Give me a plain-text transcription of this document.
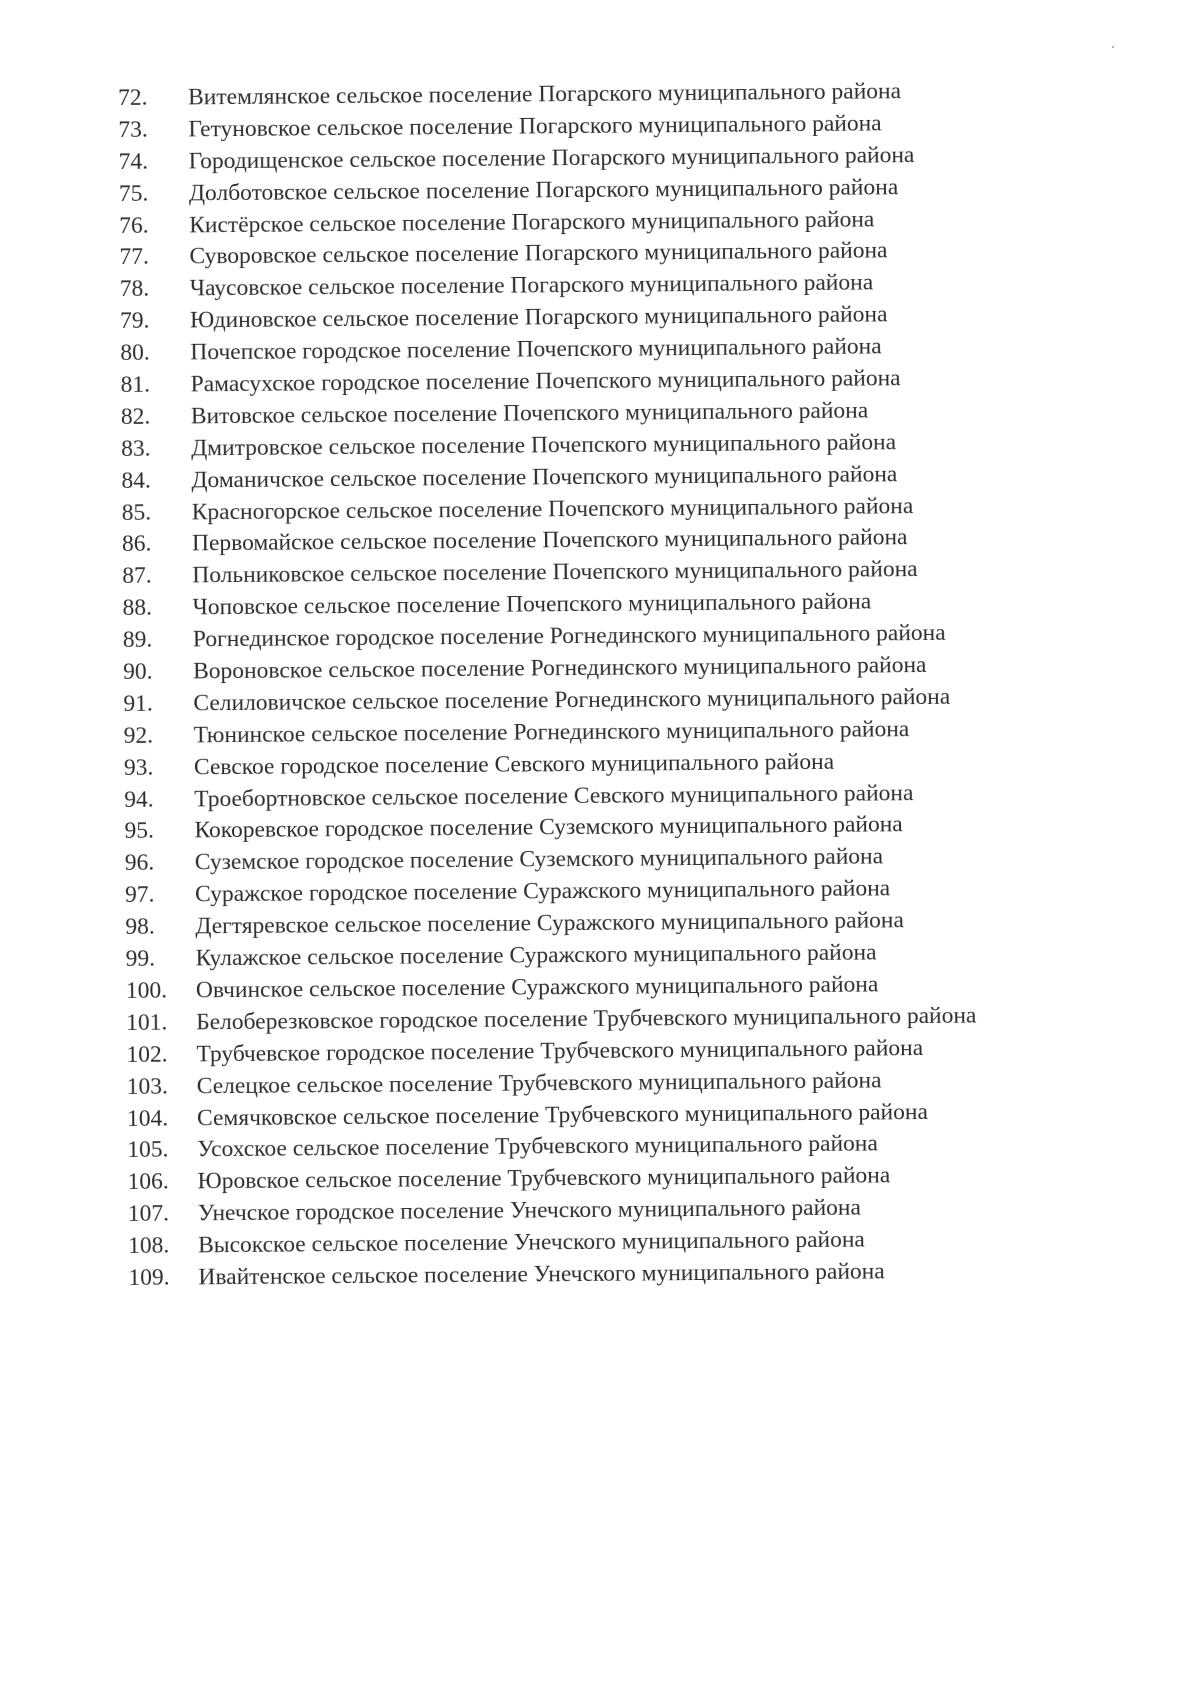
72.	Витемлянское сельское поселение Погарского муниципального района
73.	Гетуновское сельское поселение Погарского муниципального района
74.	Городищенское сельское поселение Погарского муниципального района
75.	Долботовское сельское поселение Погарского муниципального района
76.	Кистёрское сельское поселение Погарского муниципального района
77.	Суворовское сельское поселение Погарского муниципального района
78.	Чаусовское сельское поселение Погарского муниципального района
79.	Юдиновское сельское поселение Погарского муниципального района
80.	Почепское городское поселение Почепского муниципального района
81.	Рамасухское городское поселение Почепского муниципального района
82.	Витовское сельское поселение Почепского муниципального района
83.	Дмитровское сельское поселение Почепского муниципального района
84.	Доманичское сельское поселение Почепского муниципального района
85.	Красногорское сельское поселение Почепского муниципального района
86.	Первомайское сельское поселение Почепского муниципального района
87.	Польниковское сельское поселение Почепского муниципального района
88.	Чоповское сельское поселение Почепского муниципального района
89.	Рогнединское городское поселение Рогнединского муниципального района
90.	Вороновское сельское поселение Рогнединского муниципального района
91.	Селиловичское сельское поселение Рогнединского муниципального района
92.	Тюнинское сельское поселение Рогнединского муниципального района
93.	Севское городское поселение Севского муниципального района
94.	Троебортновское сельское поселение Севского муниципального района
95.	Кокоревское городское поселение Суземского муниципального района
96.	Суземское городское поселение Суземского муниципального района
97.	Суражское городское поселение Суражского муниципального района
98.	Дегтяревское сельское поселение Суражского муниципального района
99.	Кулажское сельское поселение Суражского муниципального района
100.	Овчинское сельское поселение Суражского муниципального района
101.	Белоберезковское городское поселение Трубчевского муниципального района
102.	Трубчевское городское поселение Трубчевского муниципального района
103.	Селецкое сельское поселение Трубчевского муниципального района
104.	Семячковское сельское поселение Трубчевского муниципального района
105.	Усохское сельское поселение Трубчевского муниципального района
106.	Юровское сельское поселение Трубчевского муниципального района
107.	Унечское городское поселение Унечского муниципального района
108.	Высокское сельское поселение Унечского муниципального района
109.	Ивайтенское сельское поселение Унечского муниципального района
